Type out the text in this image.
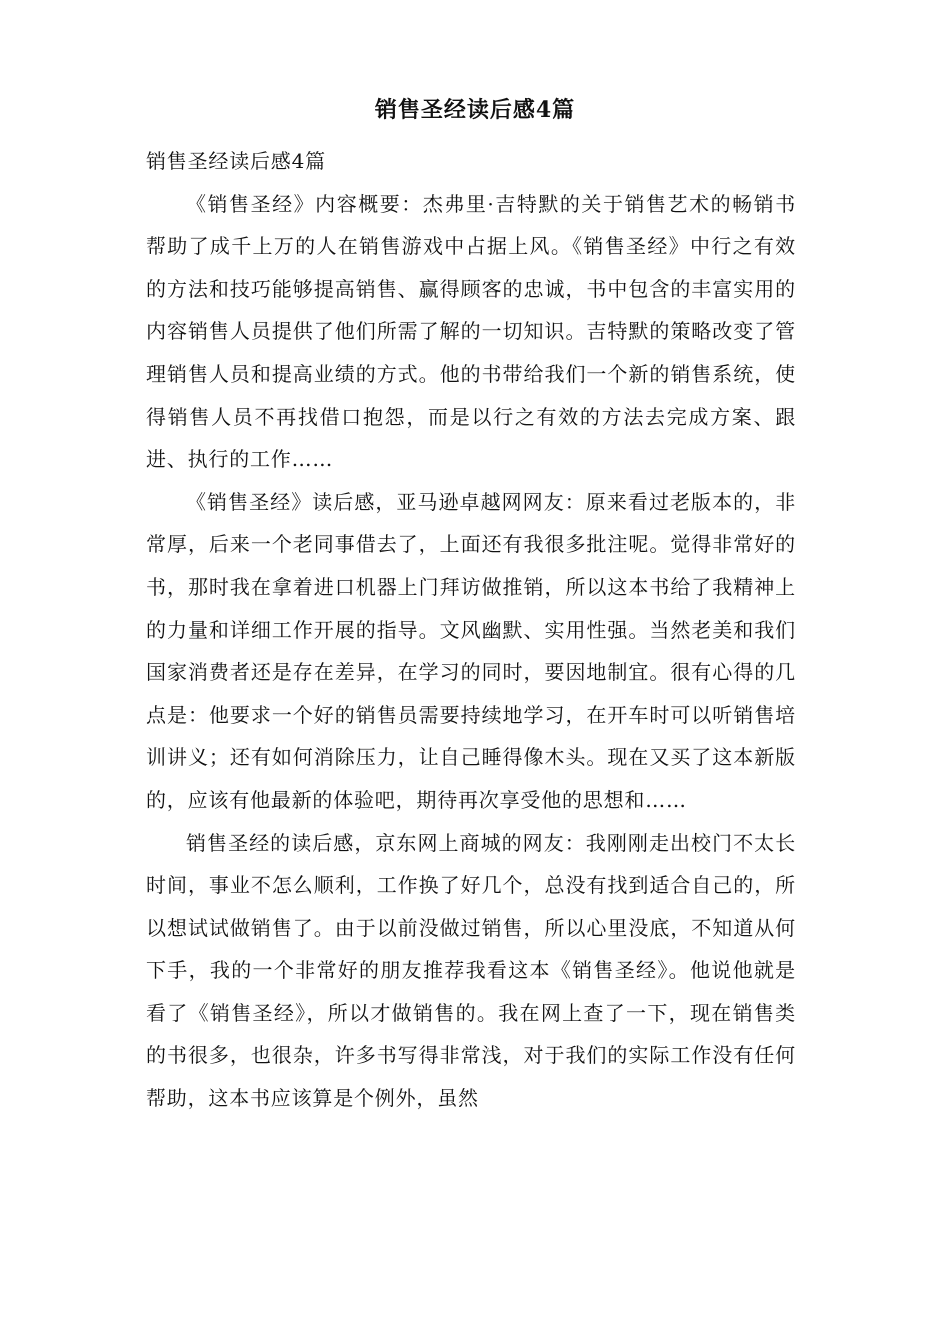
销售圣经读后感4篇

销售圣经读后感4篇

《销售圣经》内容概要：杰弗里·吉特默的关于销售艺术的畅销书帮助了成千上万的人在销售游戏中占据上风。《销售圣经》中行之有效的方法和技巧能够提高销售、赢得顾客的忠诚，书中包含的丰富实用的内容销售人员提供了他们所需了解的一切知识。吉特默的策略改变了管理销售人员和提高业绩的方式。他的书带给我们一个新的销售系统，使得销售人员不再找借口抱怨，而是以行之有效的方法去完成方案、跟进、执行的工作……

《销售圣经》读后感，亚马逊卓越网网友：原来看过老版本的，非常厚，后来一个老同事借去了，上面还有我很多批注呢。觉得非常好的书，那时我在拿着进口机器上门拜访做推销，所以这本书给了我精神上的力量和详细工作开展的指导。文风幽默、实用性强。当然老美和我们国家消费者还是存在差异，在学习的同时，要因地制宜。很有心得的几点是：他要求一个好的销售员需要持续地学习，在开车时可以听销售培训讲义；还有如何消除压力，让自己睡得像木头。现在又买了这本新版的，应该有他最新的体验吧，期待再次享受他的思想和……

销售圣经的读后感，京东网上商城的网友：我刚刚走出校门不太长时间，事业不怎么顺利，工作换了好几个，总没有找到适合自己的，所以想试试做销售了。由于以前没做过销售，所以心里没底，不知道从何下手，我的一个非常好的朋友推荐我看这本《销售圣经》。他说他就是看了《销售圣经》，所以才做销售的。我在网上查了一下，现在销售类的书很多，也很杂，许多书写得非常浅，对于我们的实际工作没有任何帮助，这本书应该算是个例外，虽然
